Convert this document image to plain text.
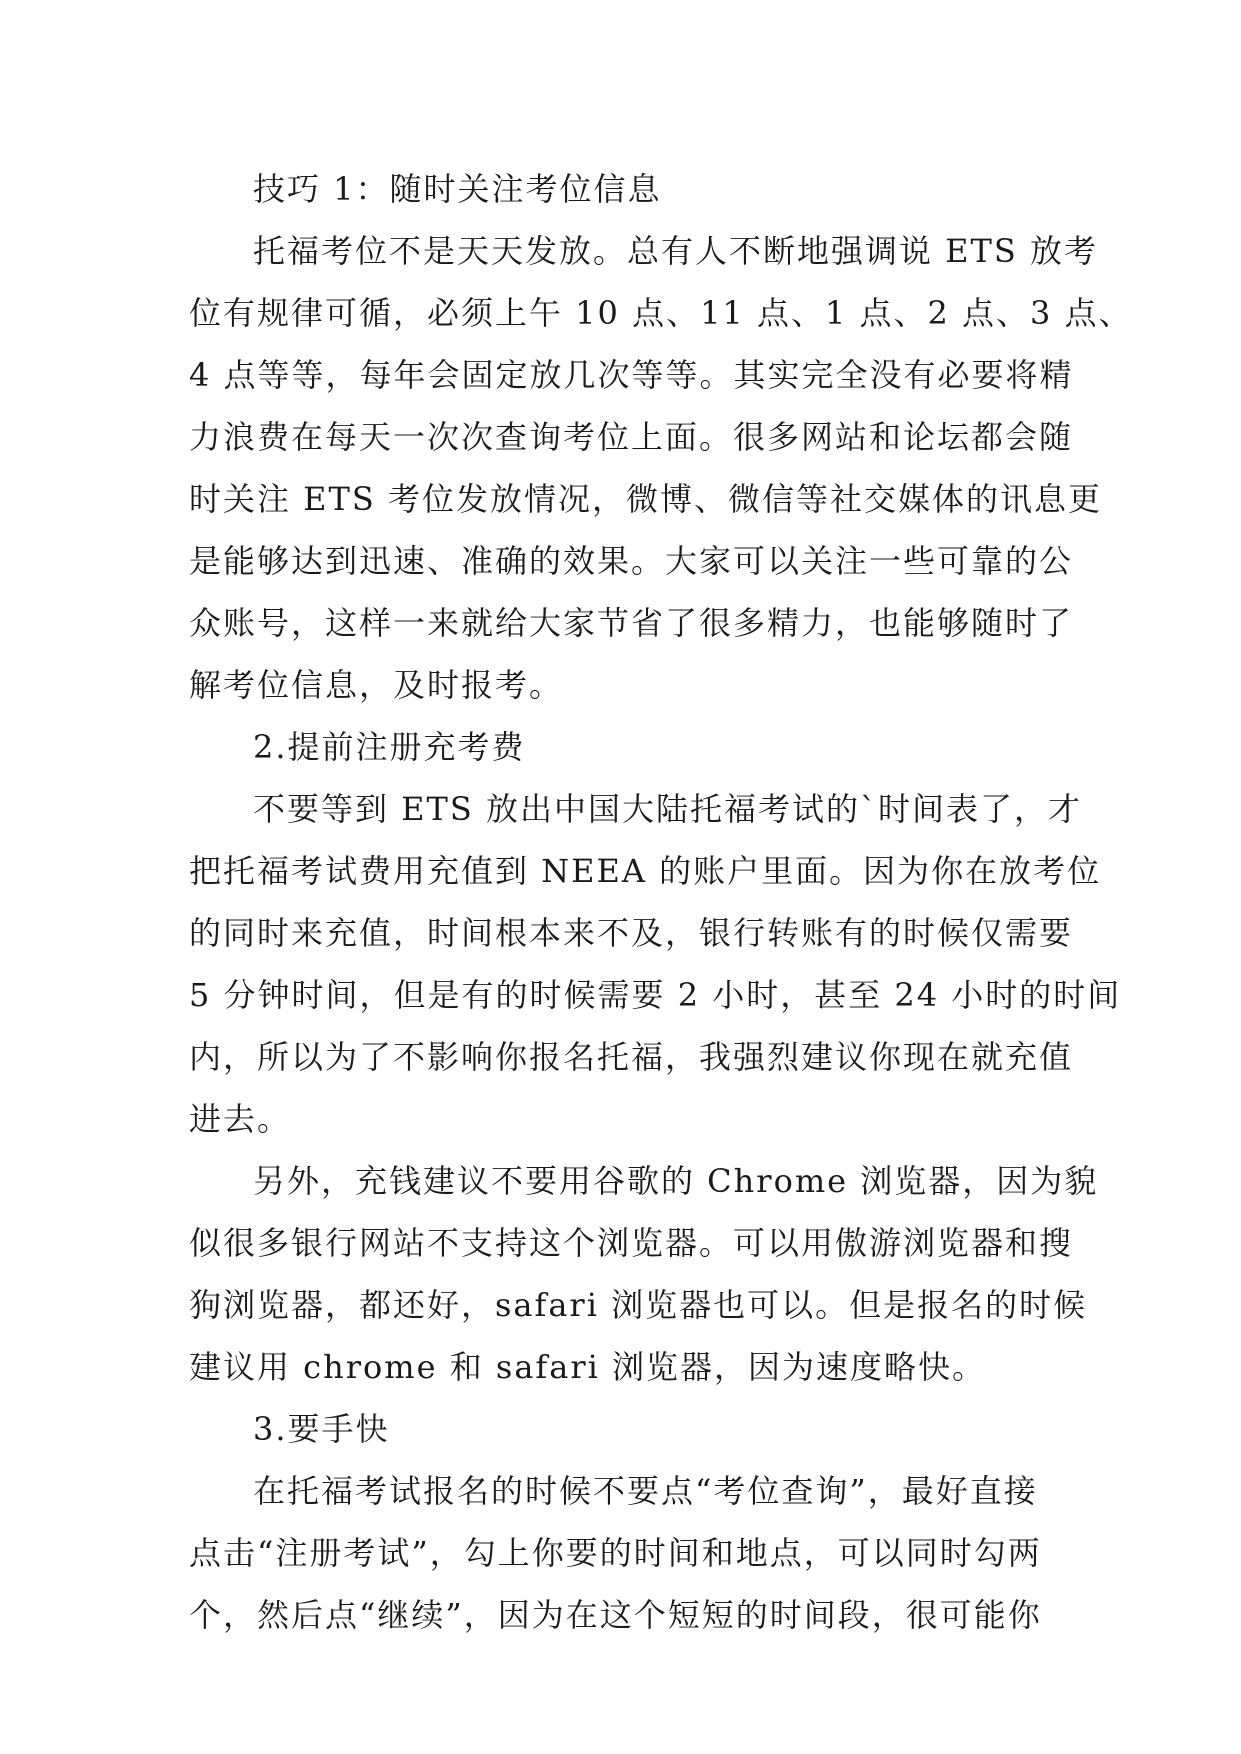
技巧 1：随时关注考位信息
托福考位不是天天发放。总有人不断地强调说 ETS 放考
位有规律可循，必须上午 10 点、11 点、1 点、2 点、3 点、
4 点等等，每年会固定放几次等等。其实完全没有必要将精
力浪费在每天一次次查询考位上面。很多网站和论坛都会随
时关注 ETS 考位发放情况，微博、微信等社交媒体的讯息更
是能够达到迅速、准确的效果。大家可以关注一些可靠的公
众账号，这样一来就给大家节省了很多精力，也能够随时了
解考位信息，及时报考。
2.提前注册充考费
不要等到 ETS 放出中国大陆托福考试的`时间表了，才
把托福考试费用充值到 NEEA 的账户里面。因为你在放考位
的同时来充值，时间根本来不及，银行转账有的时候仅需要
5 分钟时间，但是有的时候需要 2 小时，甚至 24 小时的时间
内，所以为了不影响你报名托福，我强烈建议你现在就充值
进去。
另外，充钱建议不要用谷歌的 Chrome 浏览器，因为貌
似很多银行网站不支持这个浏览器。可以用傲游浏览器和搜
狗浏览器，都还好，safari 浏览器也可以。但是报名的时候
建议用 chrome 和 safari 浏览器，因为速度略快。
3.要手快
在托福考试报名的时候不要点“考位查询”，最好直接
点击“注册考试”，勾上你要的时间和地点，可以同时勾两
个，然后点“继续”，因为在这个短短的时间段，很可能你
